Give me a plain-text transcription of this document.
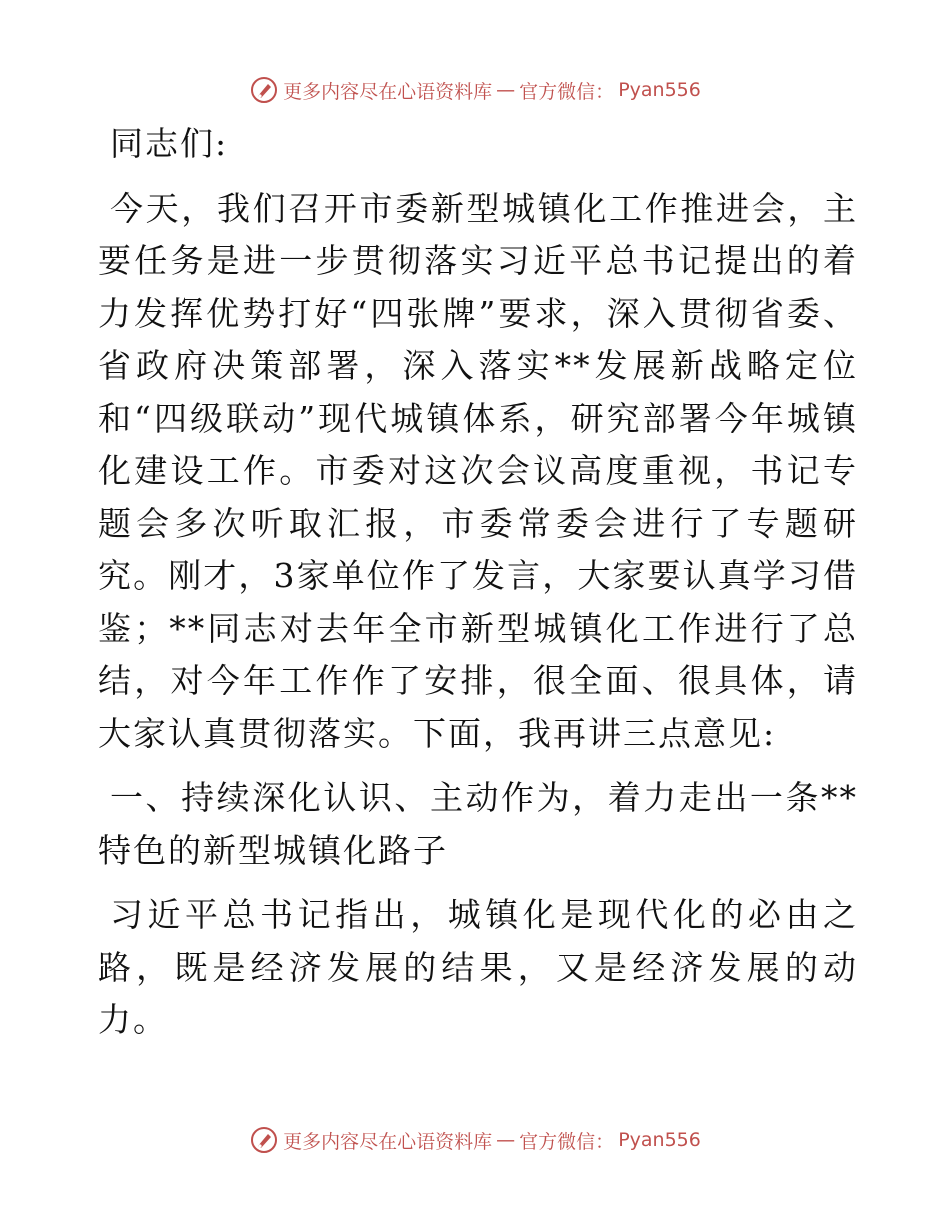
更多内容尽在心语资料库 — 官方微信： Pyan556

同志们:

今天，我们召开市委新型城镇化工作推进会，主要任务是进一步贯彻落实习近平总书记提出的着力发挥优势打好“四张牌”要求，深入贯彻省委、省政府决策部署，深入落实**发展新战略定位和“四级联动”现代城镇体系，研究部署今年城镇化建设工作。市委对这次会议高度重视，书记专题会多次听取汇报，市委常委会进行了专题研究。刚才，3家单位作了发言，大家要认真学习借鉴；**同志对去年全市新型城镇化工作进行了总结，对今年工作作了安排，很全面、很具体，请大家认真贯彻落实。下面，我再讲三点意见:

一、持续深化认识、主动作为，着力走出一条**特色的新型城镇化路子

习近平总书记指出，城镇化是现代化的必由之路，既是经济发展的结果，又是经济发展的动力。

更多内容尽在心语资料库 — 官方微信： Pyan556
